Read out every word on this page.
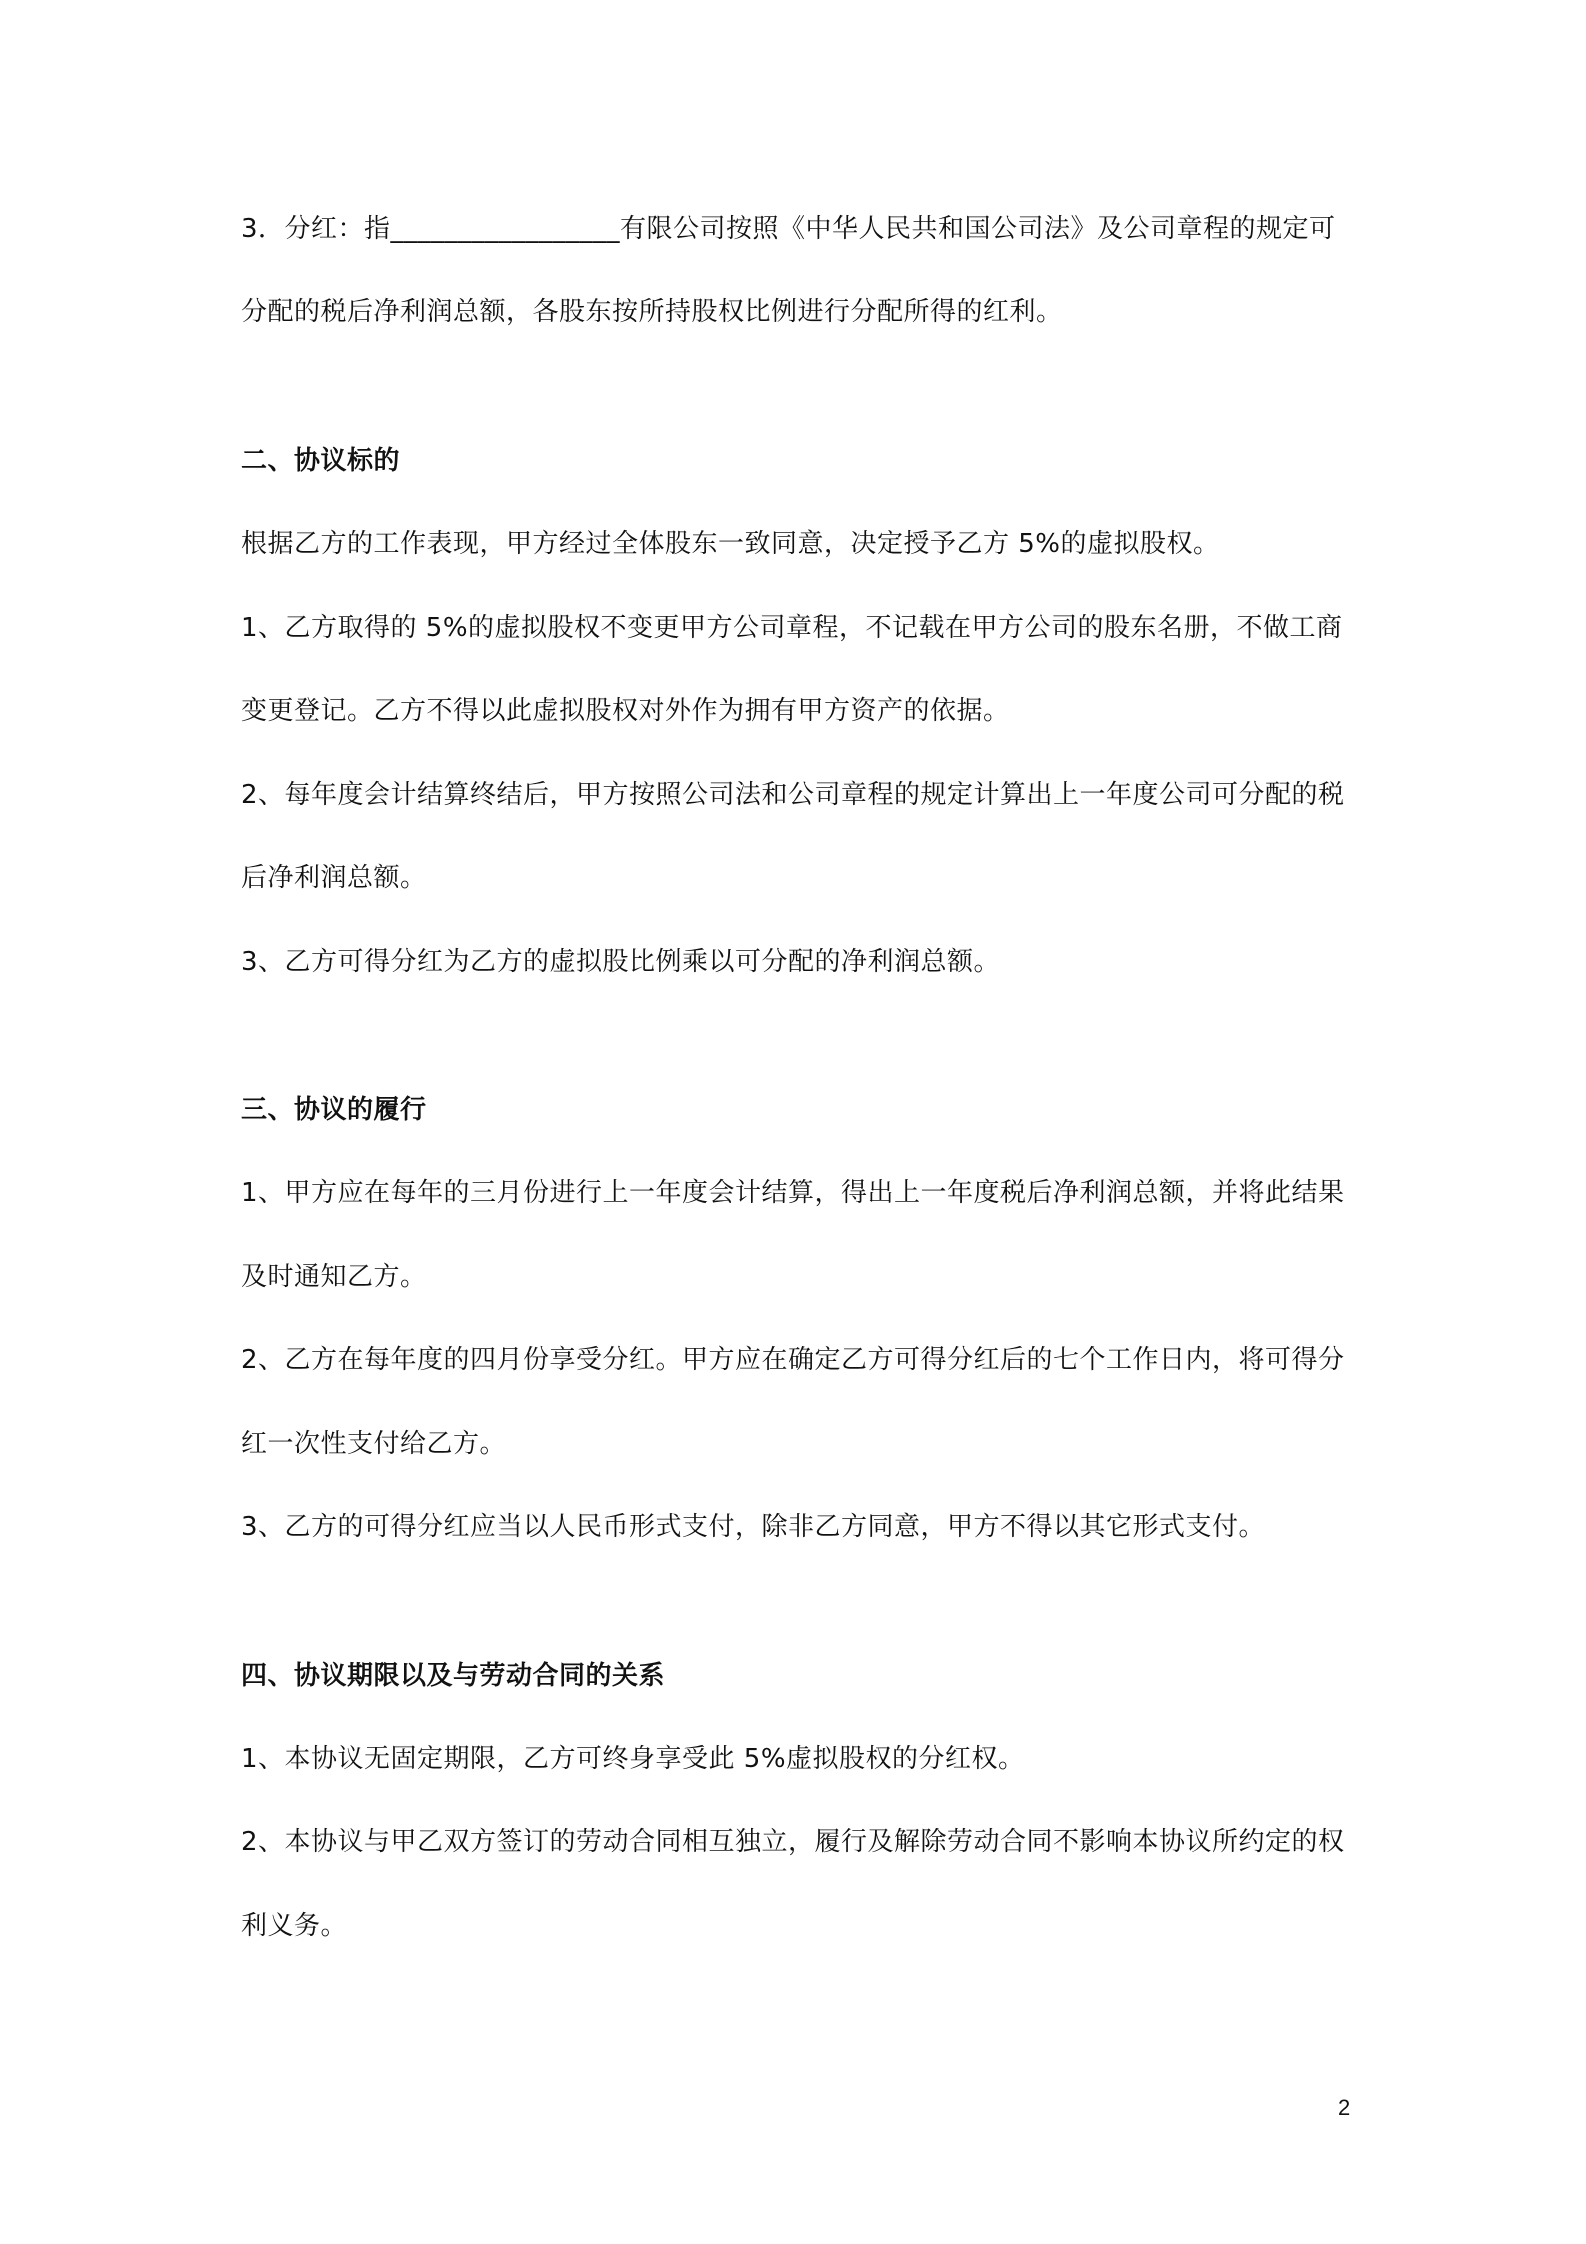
3．分红：指_________________有限公司按照《中华人民共和国公司法》及公司章程的规定可
分配的税后净利润总额，各股东按所持股权比例进行分配所得的红利。
二、协议标的
根据乙方的工作表现，甲方经过全体股东一致同意，决定授予乙方 5%的虚拟股权。
1、乙方取得的 5%的虚拟股权不变更甲方公司章程，不记载在甲方公司的股东名册，不做工商
变更登记。乙方不得以此虚拟股权对外作为拥有甲方资产的依据。
2、每年度会计结算终结后，甲方按照公司法和公司章程的规定计算出上一年度公司可分配的税
后净利润总额。
3、乙方可得分红为乙方的虚拟股比例乘以可分配的净利润总额。
三、协议的履行
1、甲方应在每年的三月份进行上一年度会计结算，得出上一年度税后净利润总额，并将此结果
及时通知乙方。
2、乙方在每年度的四月份享受分红。甲方应在确定乙方可得分红后的七个工作日内，将可得分
红一次性支付给乙方。
3、乙方的可得分红应当以人民币形式支付，除非乙方同意，甲方不得以其它形式支付。
四、协议期限以及与劳动合同的关系
1、本协议无固定期限，乙方可终身享受此 5%虚拟股权的分红权。
2、本协议与甲乙双方签订的劳动合同相互独立，履行及解除劳动合同不影响本协议所约定的权
利义务。
2
